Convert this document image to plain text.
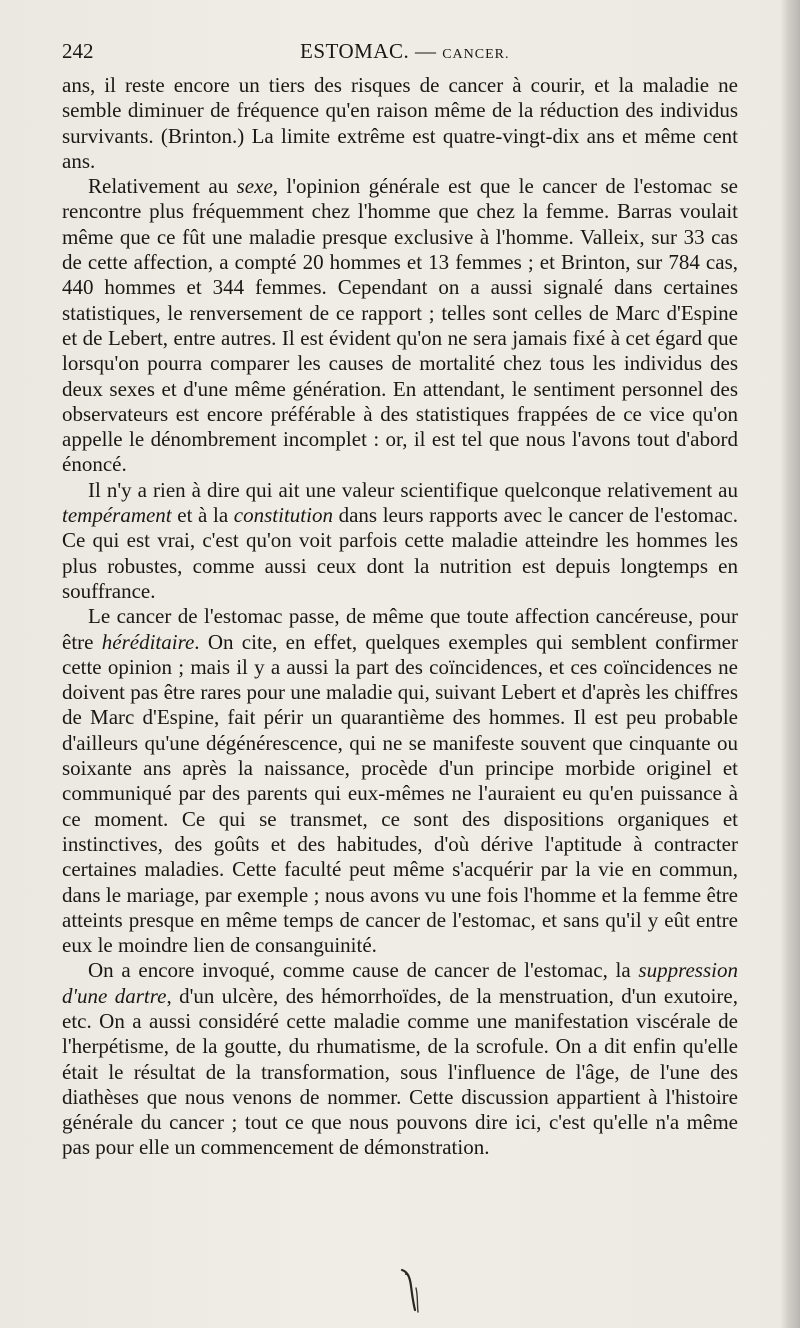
242	ESTOMAC. — CANCER.

ans, il reste encore un tiers des risques de cancer à courir, et la maladie ne semble diminuer de fréquence qu'en raison même de la réduction des individus survivants. (Brinton.) La limite extrême est quatre-vingt-dix ans et même cent ans.

Relativement au sexe, l'opinion générale est que le cancer de l'estomac se rencontre plus fréquemment chez l'homme que chez la femme. Barras voulait même que ce fût une maladie presque exclusive à l'homme. Valleix, sur 33 cas de cette affection, a compté 20 hommes et 13 femmes ; et Brinton, sur 784 cas, 440 hommes et 344 femmes. Cependant on a aussi signalé dans certaines statistiques, le renversement de ce rapport ; telles sont celles de Marc d'Espine et de Lebert, entre autres. Il est évident qu'on ne sera jamais fixé à cet égard que lorsqu'on pourra comparer les causes de mortalité chez tous les individus des deux sexes et d'une même génération. En attendant, le sentiment personnel des observateurs est encore préférable à des statistiques frappées de ce vice qu'on appelle le dénombrement incomplet : or, il est tel que nous l'avons tout d'abord énoncé.

Il n'y a rien à dire qui ait une valeur scientifique quelconque relativement au tempérament et à la constitution dans leurs rapports avec le cancer de l'estomac. Ce qui est vrai, c'est qu'on voit parfois cette maladie atteindre les hommes les plus robustes, comme aussi ceux dont la nutrition est depuis longtemps en souffrance.

Le cancer de l'estomac passe, de même que toute affection cancéreuse, pour être héréditaire. On cite, en effet, quelques exemples qui semblent confirmer cette opinion ; mais il y a aussi la part des coïncidences, et ces coïncidences ne doivent pas être rares pour une maladie qui, suivant Lebert et d'après les chiffres de Marc d'Espine, fait périr un quarantième des hommes. Il est peu probable d'ailleurs qu'une dégénérescence, qui ne se manifeste souvent que cinquante ou soixante ans après la naissance, procède d'un principe morbide originel et communiqué par des parents qui eux-mêmes ne l'auraient eu qu'en puissance à ce moment. Ce qui se transmet, ce sont des dispositions organiques et instinctives, des goûts et des habitudes, d'où dérive l'aptitude à contracter certaines maladies. Cette faculté peut même s'acquérir par la vie en commun, dans le mariage, par exemple ; nous avons vu une fois l'homme et la femme être atteints presque en même temps de cancer de l'estomac, et sans qu'il y eût entre eux le moindre lien de consanguinité.

On a encore invoqué, comme cause de cancer de l'estomac, la suppression d'une dartre, d'un ulcère, des hémorrhoïdes, de la menstruation, d'un exutoire, etc. On a aussi considéré cette maladie comme une manifestation viscérale de l'herpétisme, de la goutte, du rhumatisme, de la scrofule. On a dit enfin qu'elle était le résultat de la transformation, sous l'influence de l'âge, de l'une des diathèses que nous venons de nommer. Cette discussion appartient à l'histoire générale du cancer ; tout ce que nous pouvons dire ici, c'est qu'elle n'a même pas pour elle un commencement de démonstration.
